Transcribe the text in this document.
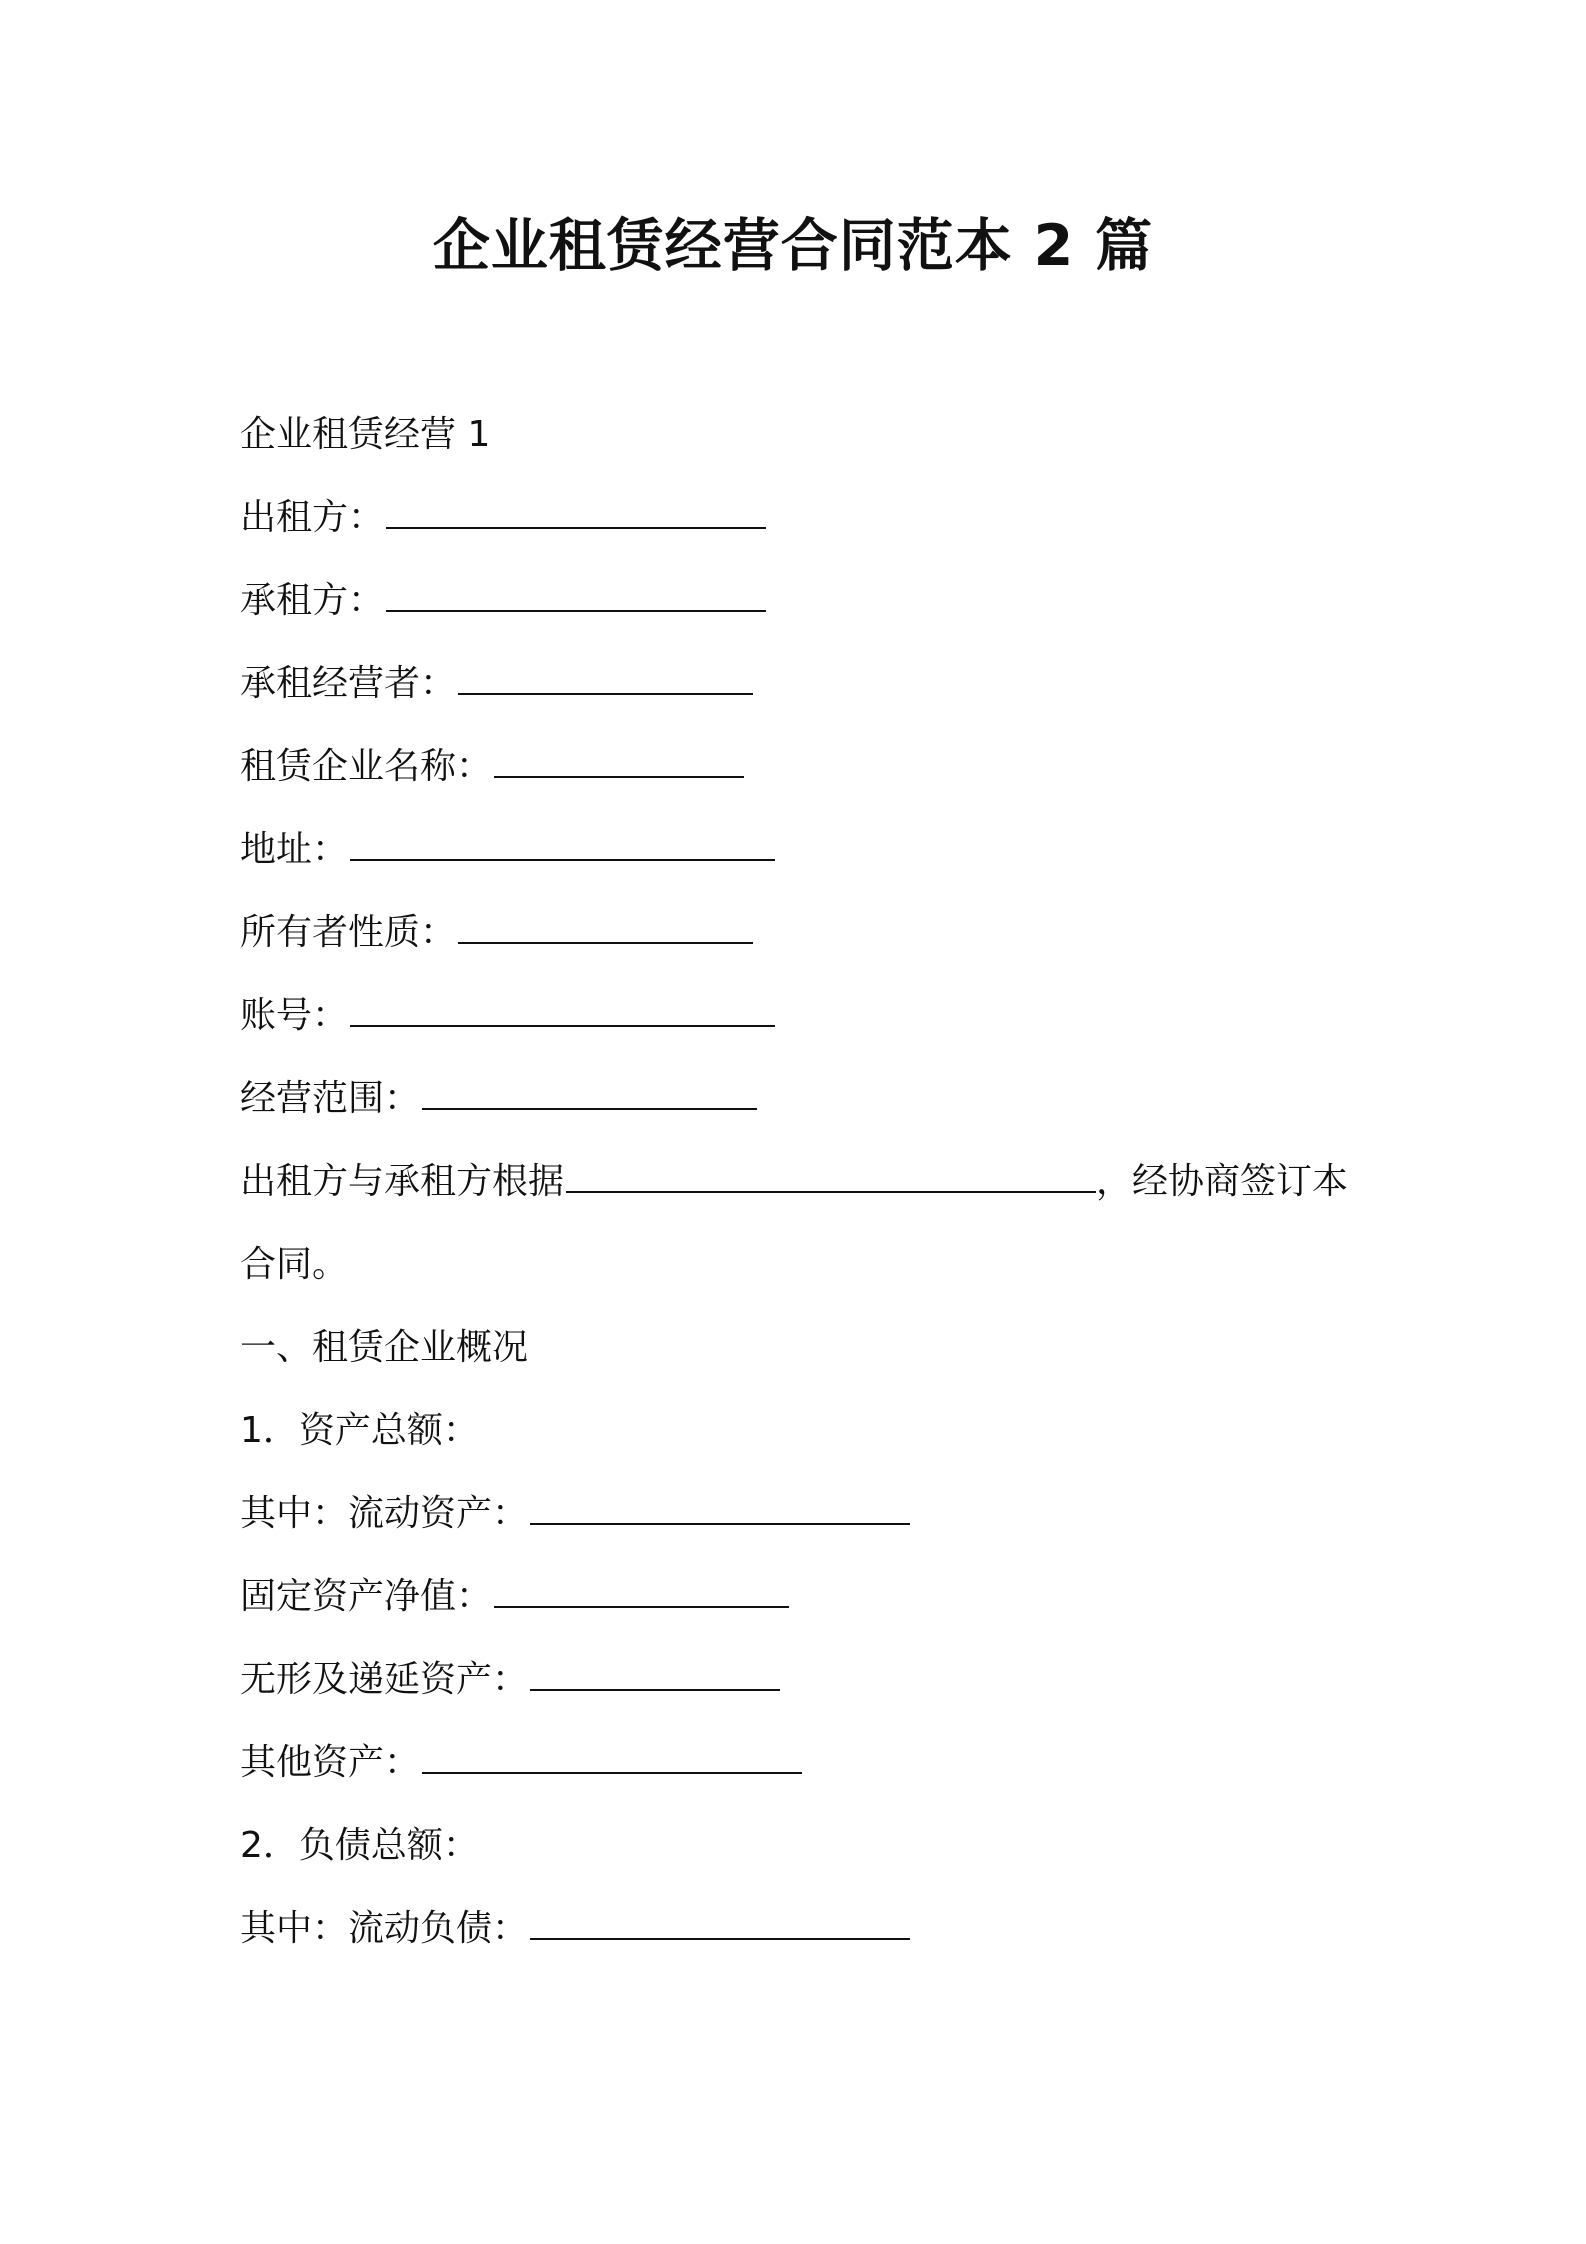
企业租赁经营合同范本 2 篇
企业租赁经营 1
出租方：
承租方：
承租经营者：
租赁企业名称：
地址：
所有者性质：
账号：
经营范围：
出租方与承租方根据	，经协商签订本
合同。
一、租赁企业概况
1．资产总额：
其中：流动资产：
固定资产净值：
无形及递延资产：
其他资产：
2．负债总额：
其中：流动负债：
